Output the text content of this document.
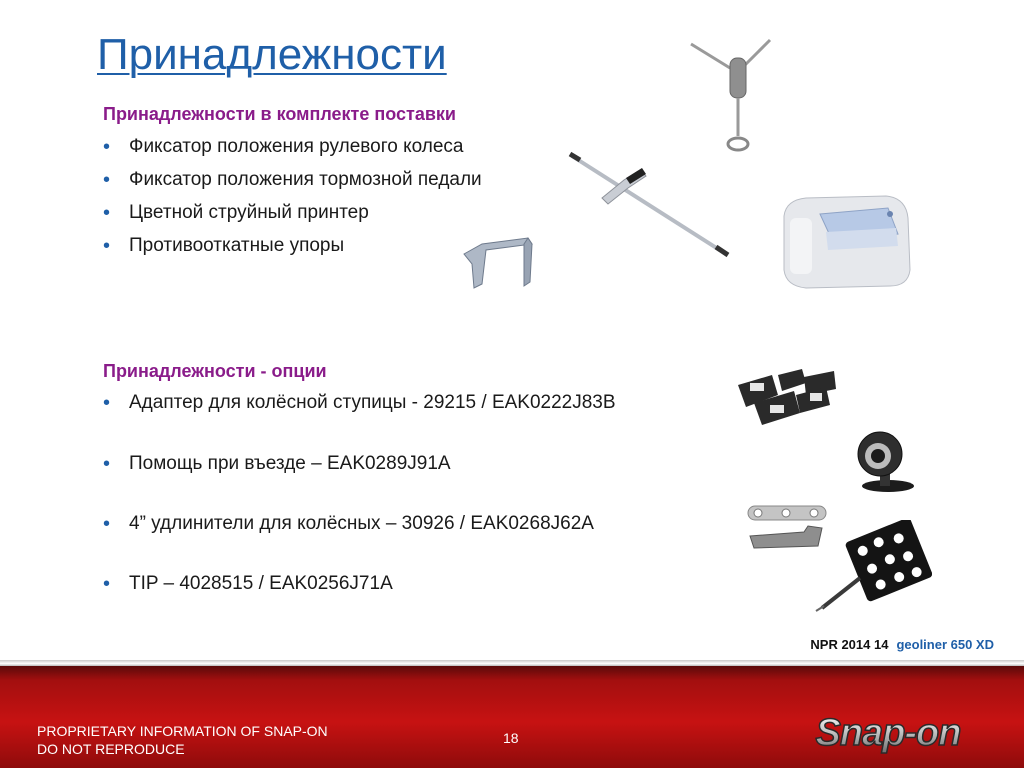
Принадлежности
Принадлежности в комплекте поставки
• Фиксатор положения рулевого колеса
• Фиксатор положения тормозной педали
• Цветной струйный принтер
• Противооткатные упоры
Принадлежности - опции
• Адаптер для колёсной ступицы - 29215 / EAK0222J83B
• Помощь при въезде – EAK0289J91A
• 4” удлинители для колёсных – 30926 / EAK0268J62A
• TIP – 4028515 / EAK0256J71A
NPR 2014 14 geoliner 650 XD
PROPRIETARY INFORMATION OF SNAP-ON
DO NOT REPRODUCE
18	Snap-on
